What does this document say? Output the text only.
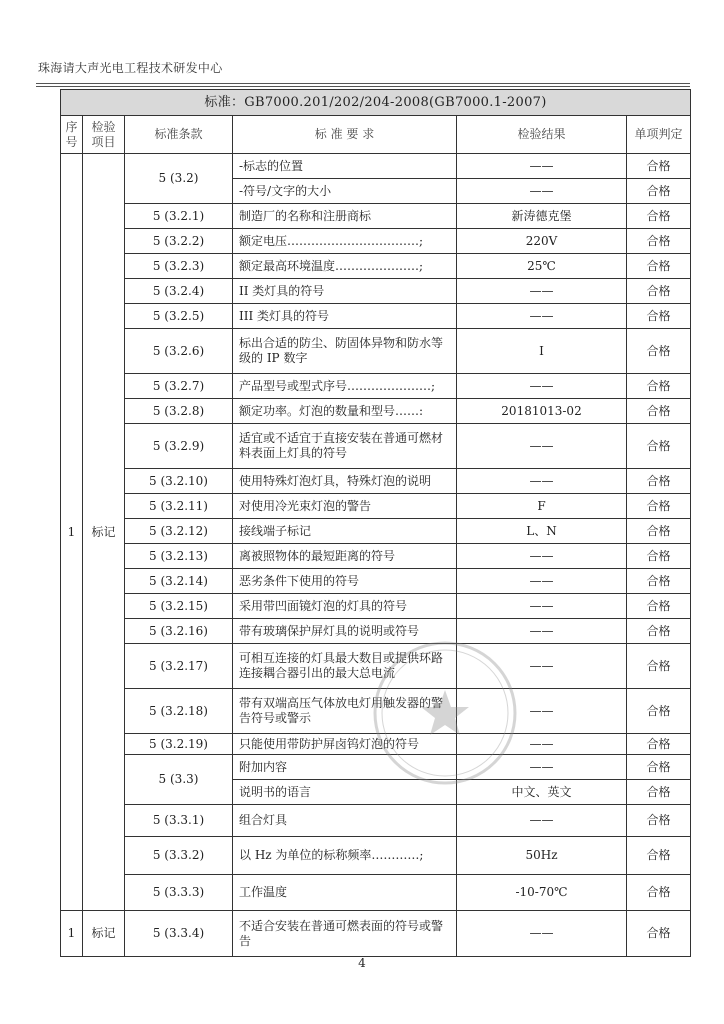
珠海请大声光电工程技术研发中心
标准：GB7000.201/202/204-2008(GB7000.1-2007)					
序号	检验项目	标准条款	标 准 要 求	检验结果	单项判定
1	标记	5 (3.2)	-标志的位置	——	合格
			-符号/文字的大小	——	合格
		5 (3.2.1)	制造厂的名称和注册商标	新涛德克堡	合格
		5 (3.2.2)	额定电压……………………………;	220V	合格
		5 (3.2.3)	额定最高环境温度…………………;	25℃	合格
		5 (3.2.4)	II 类灯具的符号	——	合格
		5 (3.2.5)	III 类灯具的符号	——	合格
		5 (3.2.6)	标出合适的防尘、防固体异物和防水等级的 IP 数字	Ⅰ	合格
		5 (3.2.7)	产品型号或型式序号…………………;	——	合格
		5 (3.2.8)	额定功率。灯泡的数量和型号……:	20181013-02	合格
		5 (3.2.9)	适宜或不适宜于直接安装在普通可燃材料表面上灯具的符号	——	合格
		5 (3.2.10)	使用特殊灯泡灯具，特殊灯泡的说明	——	合格
		5 (3.2.11)	对使用冷光束灯泡的警告	F	合格
		5 (3.2.12)	接线端子标记	L、N	合格
		5 (3.2.13)	离被照物体的最短距离的符号	——	合格
		5 (3.2.14)	恶劣条件下使用的符号	——	合格
		5 (3.2.15)	采用带凹面镜灯泡的灯具的符号	——	合格
		5 (3.2.16)	带有玻璃保护屏灯具的说明或符号	——	合格
		5 (3.2.17)	可相互连接的灯具最大数目或提供环路连接耦合器引出的最大总电流	——	合格
		5 (3.2.18)	带有双端高压气体放电灯用触发器的警告符号或警示	——	合格
		5 (3.2.19)	只能使用带防护屏卤钨灯泡的符号	——	合格
		5 (3.3)	附加内容	——	合格
			说明书的语言	中文、英文	合格
		5 (3.3.1)	组合灯具	——	合格
		5 (3.3.2)	以 Hz 为单位的标称频率…………;	50Hz	合格
		5 (3.3.3)	工作温度	-10-70℃	合格
1	标记	5 (3.3.4)	不适合安装在普通可燃表面的符号或警告	——	合格
4
